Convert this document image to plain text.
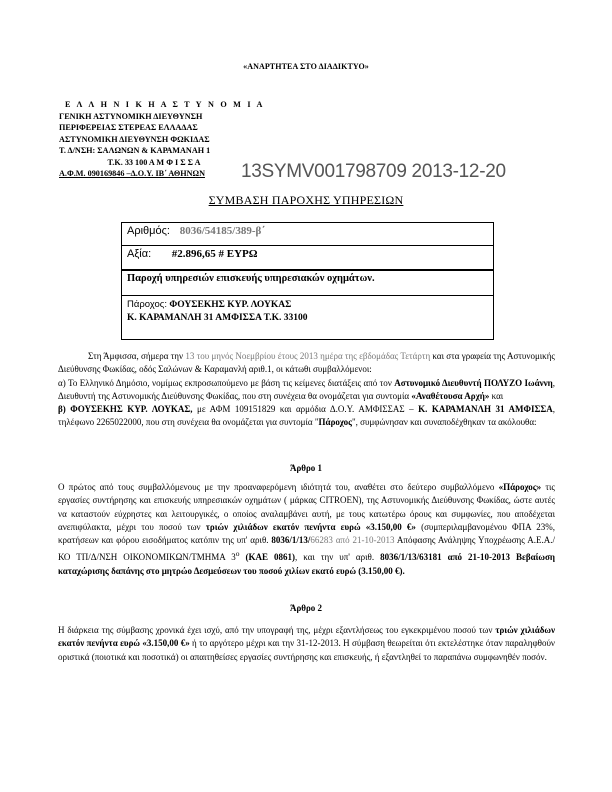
«ΑΝΑΡΤΗΤΕΑ ΣΤΟ ΔΙΑΔΙΚΤΥΟ»
Ε Λ Λ Η Ν Ι Κ Η Α Σ Τ Υ Ν Ο Μ Ι Α
ΓΕΝΙΚΗ ΑΣΤΥΝΟΜΙΚΗ ΔΙΕΥΘΥΝΣΗ
ΠΕΡΙΦΕΡΕΙΑΣ ΣΤΕΡΕΑΣ ΕΛΛΑΔΑΣ
ΑΣΤΥΝΟΜΙΚΗ ΔΙΕΥΘΥΝΣΗ ΦΩΚΙΔΑΣ
Τ. Δ/ΝΣΗ: ΣΑΛΩΝΩΝ & ΚΑΡΑΜΑΝΑΗ 1
Τ.Κ. 33 100 Α Μ Φ Ι Σ Σ Α
Α.Φ.Μ. 090169846 –Δ.Ο.Υ. ΙΒ΄ ΑΘΗΝΩΝ	13SYMV001798709 2013-12-20
ΣΥΜΒΑΣΗ ΠΑΡΟΧΗΣ ΥΠΗΡΕΣΙΩΝ
Αριθμός: 8036/54185/389-β΄
Αξία: #2.896,65 # ΕΥΡΩ
Παροχή υπηρεσιών επισκευής υπηρεσιακών οχημάτων.
Πάροχος: ΦΟΥΣΕΚΗΣ ΚΥΡ. ΛΟΥΚΑΣ
Κ. ΚΑΡΑΜΑΝΛΗ 31 ΑΜΦΙΣΣΑ Τ.Κ. 33100
Στη Άμφισσα, σήμερα την 13 του μηνός Νοεμβρίου έτους 2013 ημέρα της εβδομάδας Τετάρτη και στα γραφεία της Αστυνομικής Διεύθυνσης Φωκίδας, οδός Σαλώνων & Καραμανλή αριθ.1, οι κάτωθι συμβαλλόμενοι:
α) Το Ελληνικό Δημόσιο, νομίμως εκπροσωπούμενο με βάση τις κείμενες διατάξεις από τον Αστυνομικό Διευθυντή ΠΟΛΥΖΟ Ιωάννη, Διευθυντή της Αστυνομικής Διεύθυνσης Φωκίδας, που στη συνέχεια θα ονομάζεται για συντομία «Αναθέτουσα Αρχή» και
β) ΦΟΥΣΕΚΗΣ ΚΥΡ. ΛΟΥΚΑΣ, με ΑΦΜ 109151829 και αρμόδια Δ.Ο.Υ. ΑΜΦΙΣΣΑΣ – Κ. ΚΑΡΑΜΑΝΛΗ 31 ΑΜΦΙΣΣΑ, τηλέφωνο 2265022000, που στη συνέχεια θα ονομάζεται για συντομία "Πάροχος", συμφώνησαν και συναποδέχθηκαν τα ακόλουθα:
Άρθρο 1
Ο πρώτος από τους συμβαλλόμενους με την προαναφερόμενη ιδιότητά του, αναθέτει στο δεύτερο συμβαλλόμενο «Πάροχος» τις εργασίες συντήρησης και επισκευής υπηρεσιακών οχημάτων ( μάρκας CITROEN), της Αστυνομικής Διεύθυνσης Φωκίδας, ώστε αυτές να καταστούν εύχρηστες και λειτουργικές, ο οποίος αναλαμβάνει αυτή, με τους κατωτέρω όρους και συμφωνίες, που αποδέχεται ανεπιφύλακτα, μέχρι του ποσού των τριών χιλιάδων εκατόν πενήντα ευρώ «3.150,00 €» (συμπεριλαμβανομένου ΦΠΑ 23%, κρατήσεων και φόρου εισοδήματος κατόπιν της υπ' αριθ. 8036/1/13/66283 από 21-10-2013 Απόφασης Ανάληψης Υποχρέωσης Α.Ε.Α./ΚΟ ΤΠ/Δ/ΝΣΗ ΟΙΚΟΝΟΜΙΚΩΝ/ΤΜΗΜΑ $3^o$ (ΚΑΕ 0861), και την υπ' αριθ. 8036/1/13/63181 από 21-10-2013 Βεβαίωση καταχώρισης δαπάνης στο μητρώο Δεσμεύσεων του ποσού χιλίων εκατό ευρώ (3.150,00 €).
Άρθρο 2
Η διάρκεια της σύμβασης χρονικά έχει ισχύ, από την υπογραφή της, μέχρι εξαντλήσεως του εγκεκριμένου ποσού των τριών χιλιάδων εκατόν πενήντα ευρώ «3.150,00 €» ή το αργότερο μέχρι και την 31-12-2013. Η σύμβαση θεωρείται ότι εκτελέστηκε όταν παραληφθούν οριστικά (ποιοτικά και ποσοτικά) οι απαιτηθείσες εργασίες συντήρησης και επισκευής, ή εξαντληθεί το παραπάνω συμφωνηθέν ποσόν.
